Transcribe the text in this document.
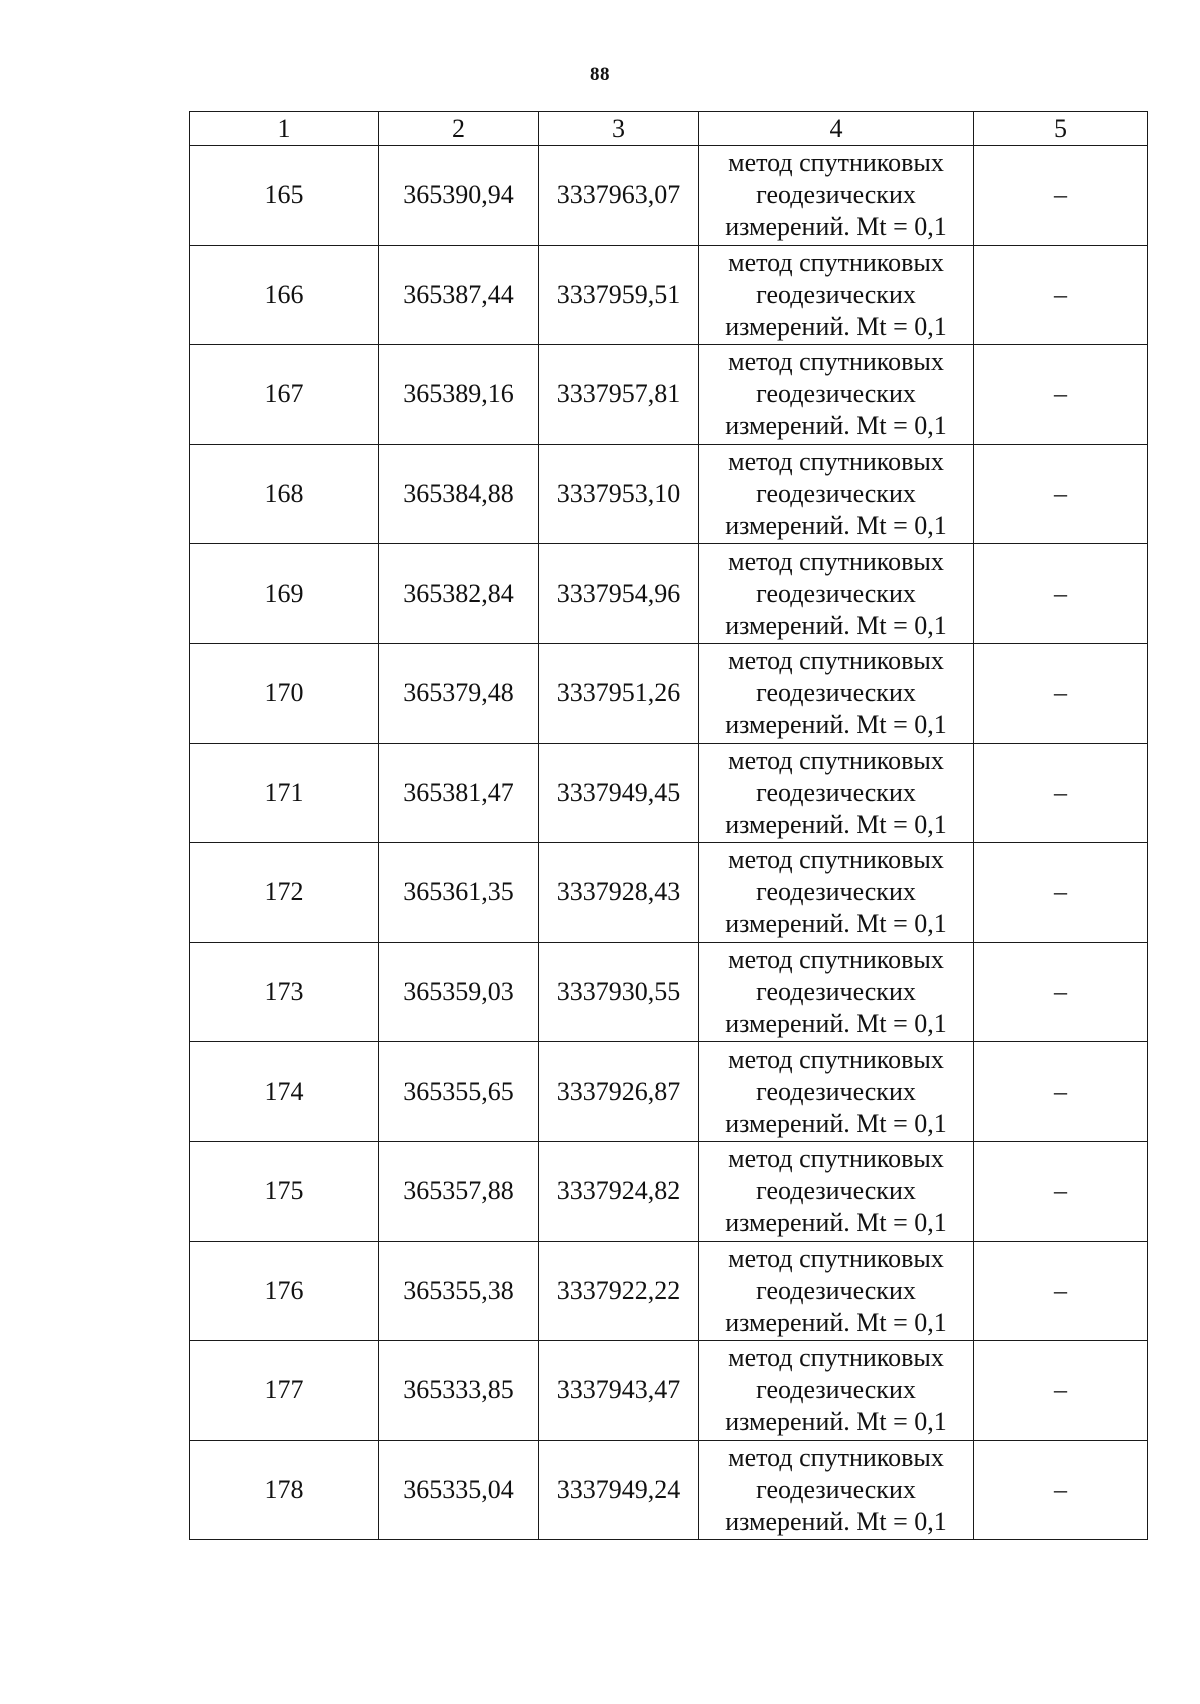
88
1	2	3	4	5
165	365390,94	3337963,07	метод спутниковых
геодезических
измерений. Mt = 0,1	–
166	365387,44	3337959,51	метод спутниковых
геодезических
измерений. Mt = 0,1	–
167	365389,16	3337957,81	метод спутниковых
геодезических
измерений. Mt = 0,1	–
168	365384,88	3337953,10	метод спутниковых
геодезических
измерений. Mt = 0,1	–
169	365382,84	3337954,96	метод спутниковых
геодезических
измерений. Mt = 0,1	–
170	365379,48	3337951,26	метод спутниковых
геодезических
измерений. Mt = 0,1	–
171	365381,47	3337949,45	метод спутниковых
геодезических
измерений. Mt = 0,1	–
172	365361,35	3337928,43	метод спутниковых
геодезических
измерений. Mt = 0,1	–
173	365359,03	3337930,55	метод спутниковых
геодезических
измерений. Mt = 0,1	–
174	365355,65	3337926,87	метод спутниковых
геодезических
измерений. Mt = 0,1	–
175	365357,88	3337924,82	метод спутниковых
геодезических
измерений. Mt = 0,1	–
176	365355,38	3337922,22	метод спутниковых
геодезических
измерений. Mt = 0,1	–
177	365333,85	3337943,47	метод спутниковых
геодезических
измерений. Mt = 0,1	–
178	365335,04	3337949,24	метод спутниковых
геодезических
измерений. Mt = 0,1	–
